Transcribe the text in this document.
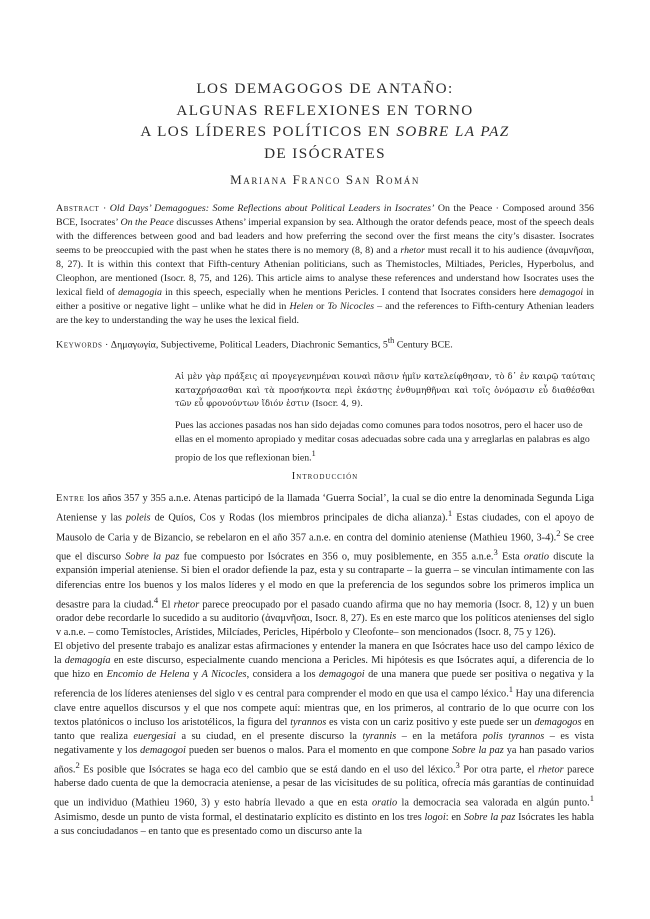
LOS DEMAGOGOS DE ANTAÑO:
ALGUNAS REFLEXIONES EN TORNO
A LOS LÍDERES POLÍTICOS EN SOBRE LA PAZ
DE ISÓCRATES
Mariana Franco San Román
Abstract · Old Days’ Demagogues: Some Reflections about Political Leaders in Isocrates’ On the Peace · Composed around 356 BCE, Isocrates’ On the Peace discusses Athens’ imperial expansion by sea. Although the orator defends peace, most of the speech deals with the differences between good and bad leaders and how preferring the second over the first means the city’s disaster. Isocrates seems to be preoccupied with the past when he states there is no memory (8, 8) and a rhetor must recall it to his audience (ἀναμνῆσαι, 8, 27). It is within this context that Fifth-century Athenian politicians, such as Themistocles, Miltiades, Pericles, Hyperbolus, and Cleophon, are mentioned (Isocr. 8, 75, and 126). This article aims to analyse these references and understand how Isocrates uses the lexical field of demagogia in this speech, especially when he mentions Pericles. I contend that Isocrates considers here demagogoi in either a positive or negative light – unlike what he did in Helen or To Nicocles – and the references to Fifth-century Athenian leaders are the key to understanding the way he uses the lexical field.
Keywords · Δημαγωγία, Subjectiveme, Political Leaders, Diachronic Semantics, 5th Century BCE.
Αἱ μὲν γὰρ πράξεις αἱ προγεγενημέναι κοιναὶ πᾶσιν ἡμῖν κατελείφθησαν, τὸ δ᾽ ἐν καιρῷ ταύταις καταχρήσασθαι καὶ τὰ προσήκοντα περὶ ἑκάστης ἐνθυμηθῆναι καὶ τοῖς ὀνόμασιν εὖ διαθέσθαι τῶν εὖ φρονούντων ἴδιόν ἐστιν (Isocr. 4, 9).
Pues las acciones pasadas nos han sido dejadas como comunes para todos nosotros, pero el hacer uso de ellas en el momento apropiado y meditar cosas adecuadas sobre cada una y arreglarlas en palabras es algo propio de los que reflexionan bien.$^1$
Introducción

Entre los años 357 y 355 a.n.e. Atenas participó de la llamada ‘Guerra Social’, la cual se dio entre la denominada Segunda Liga Ateniense y las poleis de Quíos, Cos y Rodas (los miembros principales de dicha alianza).$^1$ Estas ciudades, con el apoyo de Mausolo de Caria y de Bizancio, se rebelaron en el año 357 a.n.e. en contra del dominio ateniense (Mathieu 1960, 3-4).$^2$ Se cree que el discurso Sobre la paz fue compuesto por Isócrates en 356 o, muy posiblemente, en 355 a.n.e.$^3$ Esta oratio discute la expansión imperial ateniense. Si bien el orador defiende la paz, esta y su contraparte – la guerra – se vinculan íntimamente con las diferencias entre los buenos y los malos líderes y el modo en que la preferencia de los segundos sobre los primeros implica un desastre para la ciudad.$^4$ El rhetor parece preocupado por el pasado cuando afirma que no hay memoria (Isocr. 8, 12) y un buen orador debe recordarle lo sucedido a su auditorio (ἀναμνῆσαι, Isocr. 8, 27). Es en este marco que los políticos atenienses del siglo v a.n.e. – como Temístocles, Arístides, Milcíades, Pericles, Hipérbolo y Cleofonte– son mencionados (Isocr. 8, 75 y 126).

El objetivo del presente trabajo es analizar estas afirmaciones y entender la manera en que Isócrates hace uso del campo léxico de la demagogía en este discurso, especialmente cuando menciona a Pericles. Mi hipótesis es que Isócrates aquí, a diferencia de lo que hizo en Encomio de Helena y A Nicocles, considera a los demagogoi de una manera que puede ser positiva o negativa y la referencia de los líderes atenienses del siglo v es central para comprender el modo en que usa el campo léxico.$^1$ Hay una diferencia clave entre aquellos discursos y el que nos compete aquí: mientras que, en los primeros, al contrario de lo que ocurre con los textos platónicos o incluso los aristotélicos, la figura del tyrannos es vista con un cariz positivo y este puede ser un demagogos en tanto que realiza euergesiai a su ciudad, en el presente discurso la tyrannis – en la metáfora polis tyrannos – es vista negativamente y los demagogoi pueden ser buenos o malos. Para el momento en que compone Sobre la paz ya han pasado varios años.$^2$ Es posible que Isócrates se haga eco del cambio que se está dando en el uso del léxico.$^3$ Por otra parte, el rhetor parece haberse dado cuenta de que la democracia ateniense, a pesar de las vicisitudes de su política, ofrecía más garantías de continuidad que un individuo (Mathieu 1960, 3) y esto habría llevado a que en esta oratio la democracia sea valorada en algún punto.$^1$ Asimismo, desde un punto de vista formal, el destinatario explícito es distinto en los tres logoi: en Sobre la paz Isócrates les habla a sus conciudadanos – en tanto que es presentado como un discurso ante la
